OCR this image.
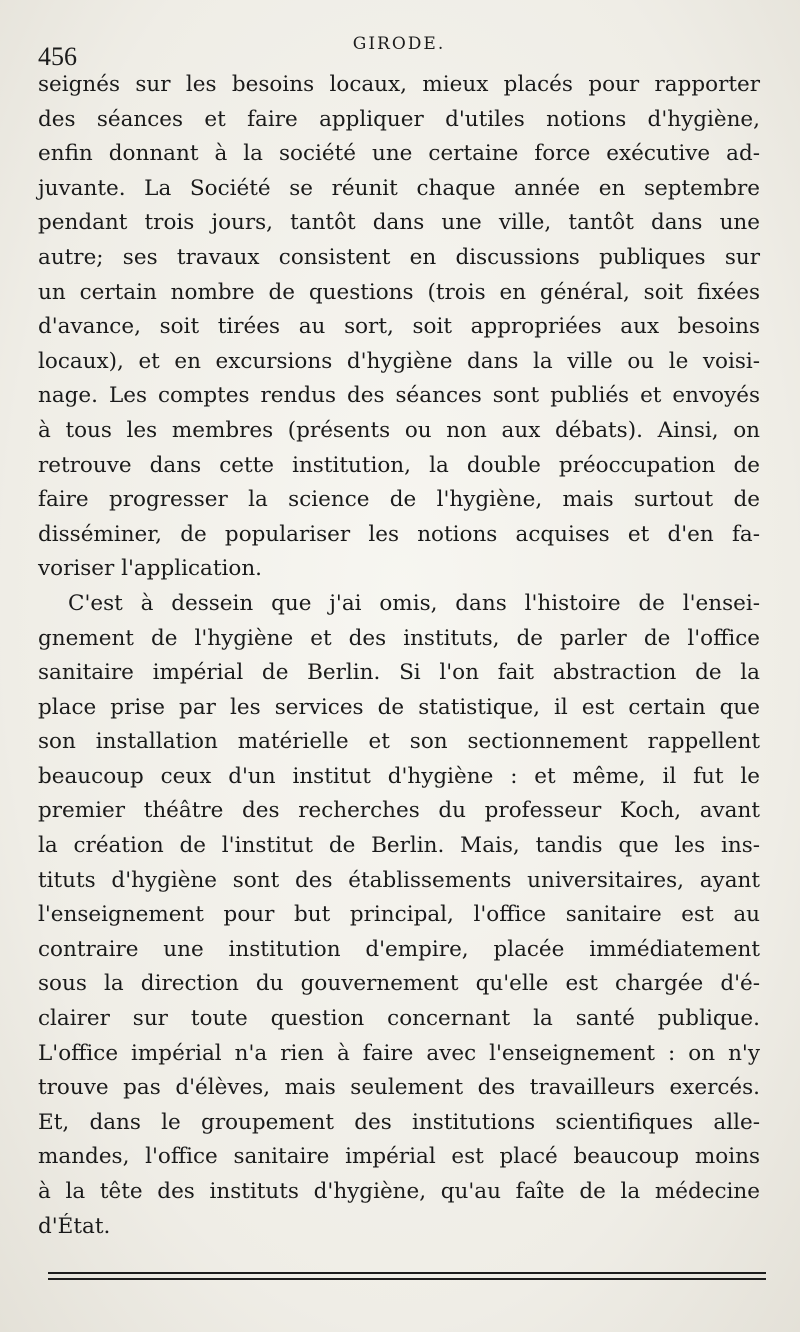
456	GIRODE.
seignés sur les besoins locaux, mieux placés pour rapporter
des séances et faire appliquer d'utiles notions d'hygiène,
enfin donnant à la société une certaine force exécutive ad-
juvante. La Société se réunit chaque année en septembre
pendant trois jours, tantôt dans une ville, tantôt dans une
autre; ses travaux consistent en discussions publiques sur
un certain nombre de questions (trois en général, soit fixées
d'avance, soit tirées au sort, soit appropriées aux besoins
locaux), et en excursions d'hygiène dans la ville ou le voisi-
nage. Les comptes rendus des séances sont publiés et envoyés
à tous les membres (présents ou non aux débats). Ainsi, on
retrouve dans cette institution, la double préoccupation de
faire progresser la science de l'hygiène, mais surtout de
disséminer, de populariser les notions acquises et d'en fa-
voriser l'application.
C'est à dessein que j'ai omis, dans l'histoire de l'ensei-
gnement de l'hygiène et des instituts, de parler de l'office
sanitaire impérial de Berlin. Si l'on fait abstraction de la
place prise par les services de statistique, il est certain que
son installation matérielle et son sectionnement rappellent
beaucoup ceux d'un institut d'hygiène : et même, il fut le
premier théâtre des recherches du professeur Koch, avant
la création de l'institut de Berlin. Mais, tandis que les ins-
tituts d'hygiène sont des établissements universitaires, ayant
l'enseignement pour but principal, l'office sanitaire est au
contraire une institution d'empire, placée immédiatement
sous la direction du gouvernement qu'elle est chargée d'é-
clairer sur toute question concernant la santé publique.
L'office impérial n'a rien à faire avec l'enseignement : on n'y
trouve pas d'élèves, mais seulement des travailleurs exercés.
Et, dans le groupement des institutions scientifiques alle-
mandes, l'office sanitaire impérial est placé beaucoup moins
à la tête des instituts d'hygiène, qu'au faîte de la médecine
d'État.
